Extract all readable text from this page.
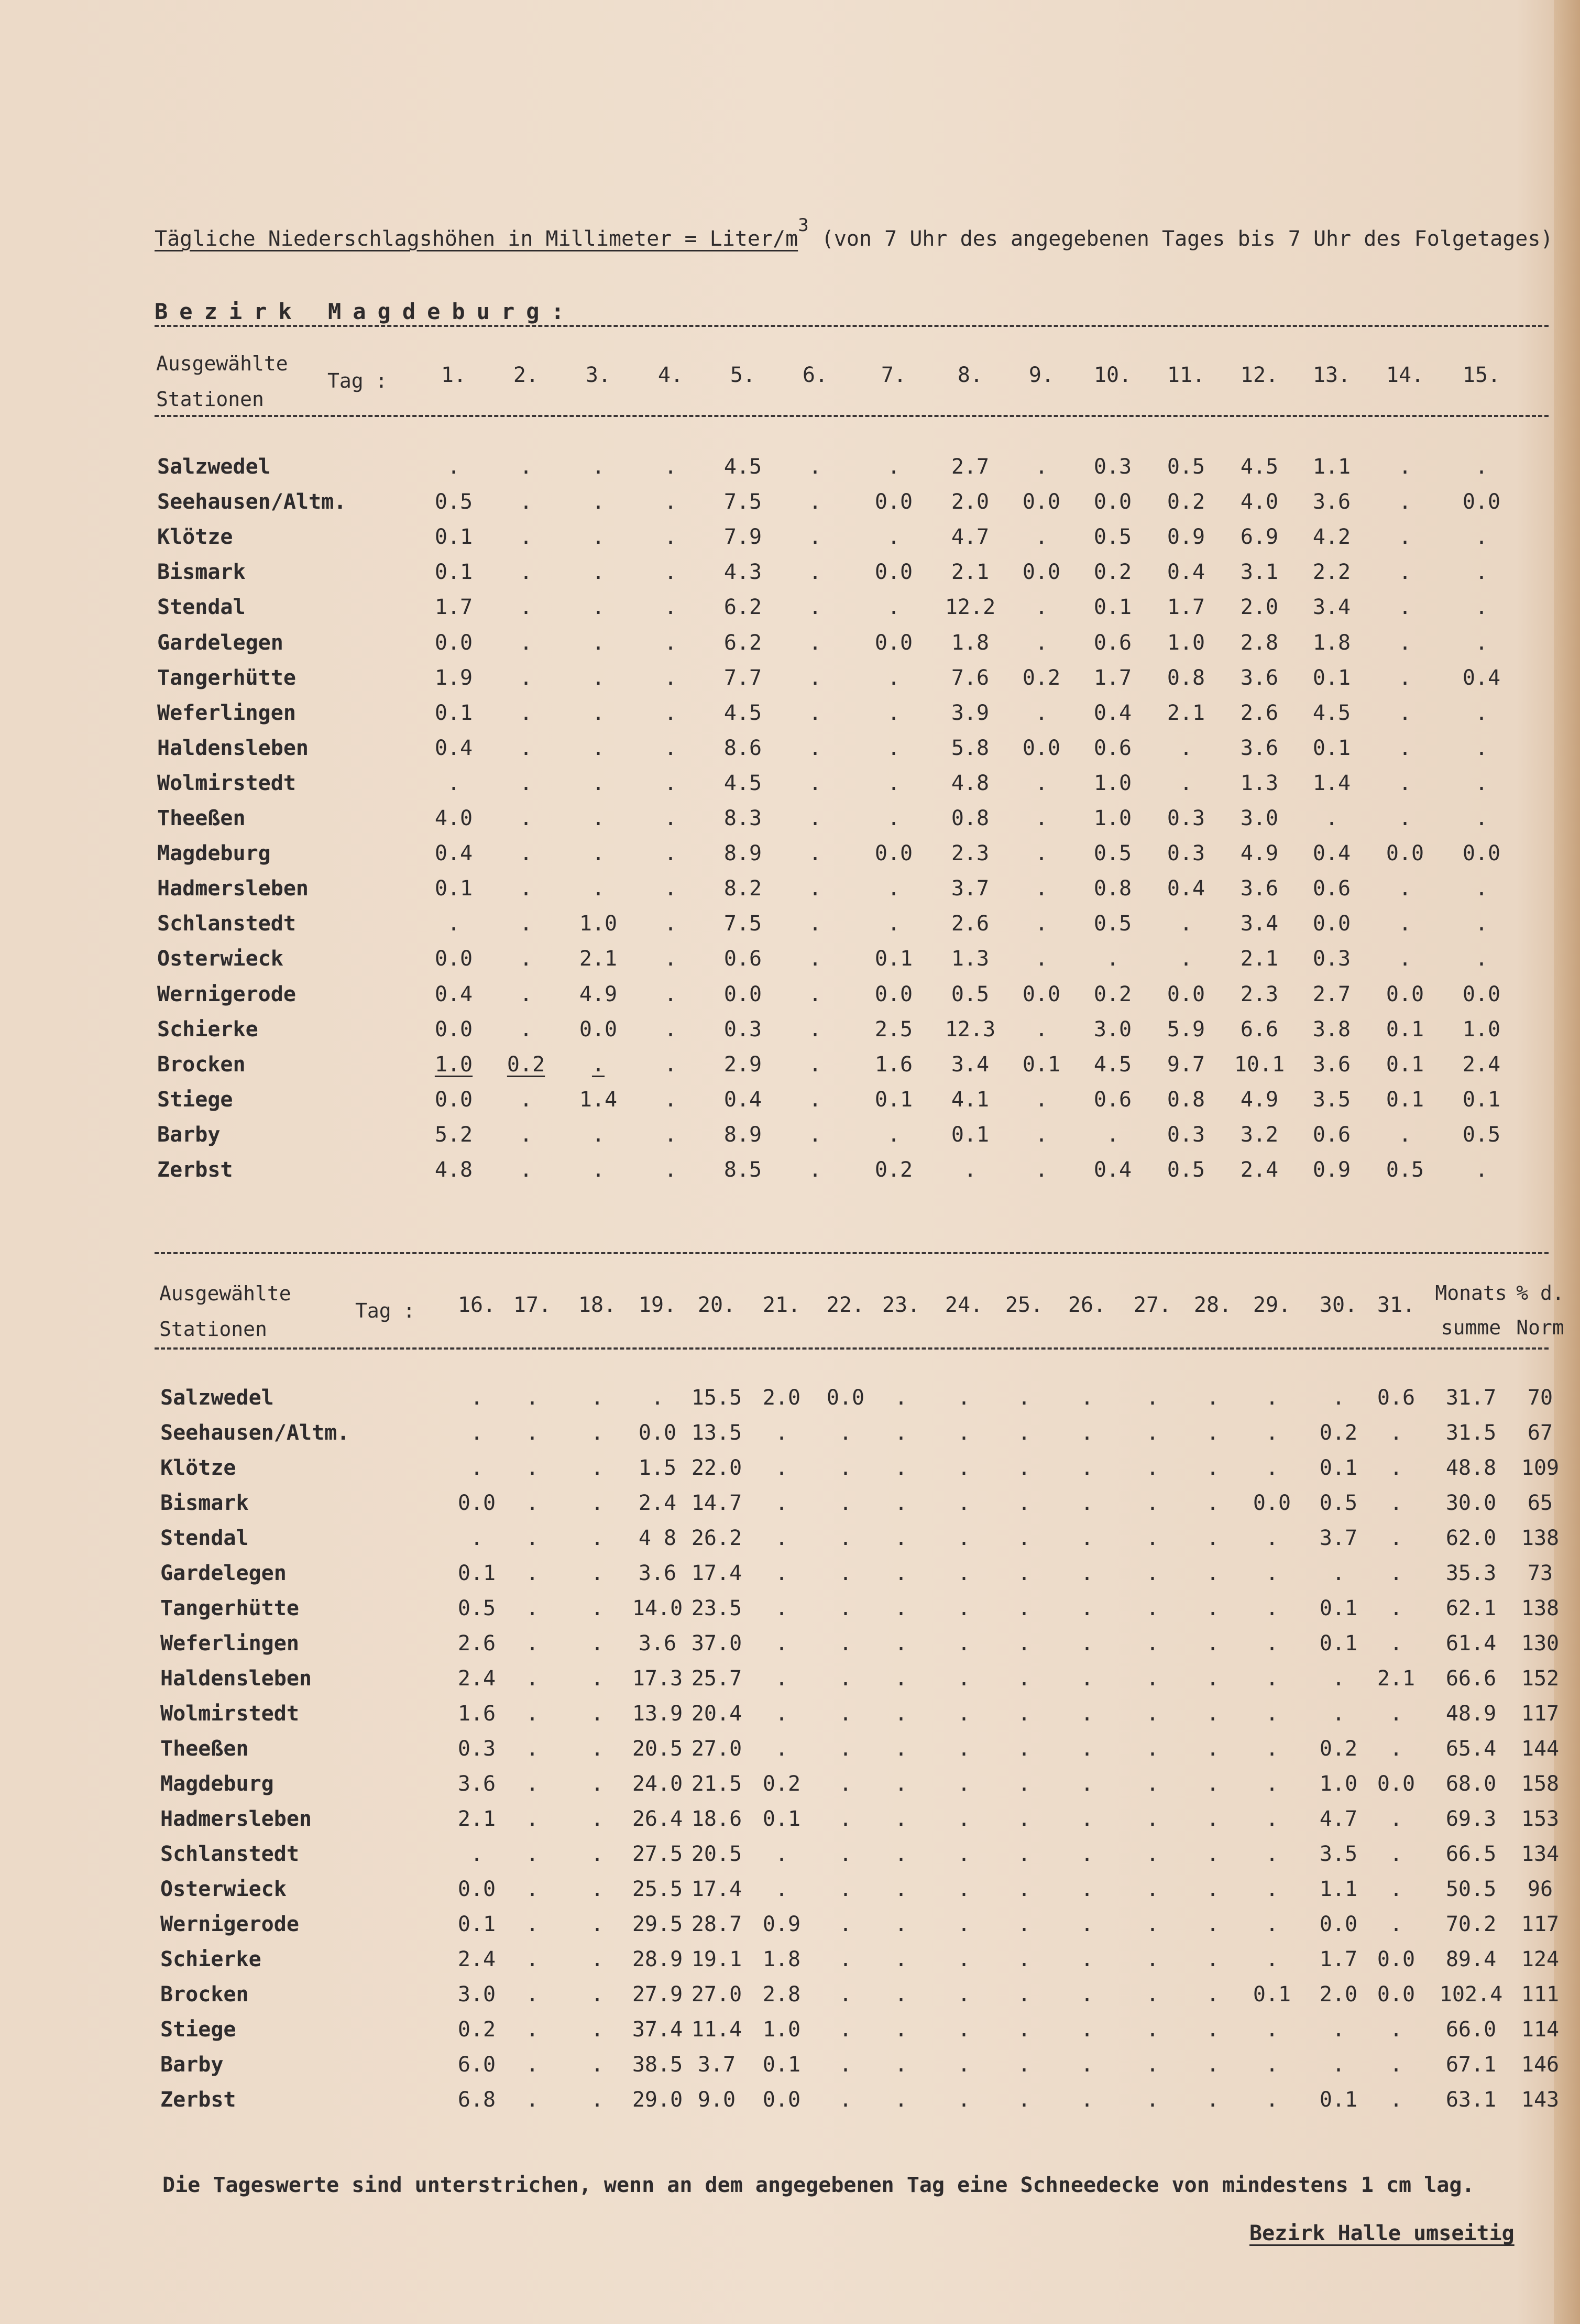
Tägliche Niederschlagshöhen in Millimeter = Liter/$m^3$ (von 7 Uhr des angegebenen Tages bis 7 Uhr des Folgetages)
Bezirk Magdeburg:
Ausgewählte
Stationen
Tag :	1. 2. 3. 4. 5. 6.	7. 8. 9. 10. 11. 12. 13. 14. 15.
Salzwedel	.	.	.	. 4.5 .	. 2.7 . 0.3 0.5 4.5 1.1 .	.
Seehausen/Altm.	0.5 .	.	. 7.5 .	0.0 2.0 0.0 0.0 0.2 4.0 3.6 . 0.0
Klötze	0.1 .	.	. 7.9 .	. 4.7 . 0.5 0.9 6.9 4.2 .	.
Bismark	0.1 .	.	. 4.3 .	0.0 2.1 0.0 0.2 0.4 3.1 2.2 .	.
Stendal	1.7 .	.	. 6.2 .	. 12.2 . 0.1 1.7 2.0 3.4 .	.
Gardelegen	0.0 .	.	. 6.2 .	0.0 1.8 . 0.6 1.0 2.8 1.8 .	.
Tangerhütte	1.9 .	.	. 7.7 .	. 7.6 0.2 1.7 0.8 3.6 0.1 . 0.4
Weferlingen	0.1 .	.	. 4.5 .	. 3.9 . 0.4 2.1 2.6 4.5 .	.
Haldensleben	0.4 .	.	. 8.6 .	. 5.8 0.0 0.6 . 3.6 0.1 .	.
Wolmirstedt	.	.	.	. 4.5 .	. 4.8 . 1.0 . 1.3 1.4 .	.
Theeßen	4.0 .	.	. 8.3 .	. 0.8 . 1.0 0.3 3.0 .	.	.
Magdeburg	0.4 .	.	. 8.9 .	0.0 2.3 . 0.5 0.3 4.9 0.4 0.0 0.0
Hadmersleben	0.1 .	.	. 8.2 .	. 3.7 . 0.8 0.4 3.6 0.6 .	.
Schlanstedt	.	. 1.0 . 7.5 .	. 2.6 . 0.5 . 3.4 0.0 .	.
Osterwieck	0.0 . 2.1 . 0.6 .	0.1 1.3 .	.	. 2.1 0.3 .	.
Wernigerode	0.4 . 4.9 . 0.0 .	0.0 0.5 0.0 0.2 0.0 2.3 2.7 0.0 0.0
Schierke	0.0 . 0.0 . 0.3 .	2.5 12.3 . 3.0 5.9 6.6 3.8 0.1 1.0
Brocken	1.0 0.2 .	. 2.9 .	1.6 3.4 0.1 4.5 9.7 10.1 3.6 0.1 2.4
Stiege	0.0 . 1.4 . 0.4 .	0.1 4.1 . 0.6 0.8 4.9 3.5 0.1 0.1
Barby	5.2 .	.	. 8.9 .	. 0.1 .	. 0.3 3.2 0.6 . 0.5
Zerbst	4.8 .	.	. 8.5 .	0.2 .	. 0.4 0.5 2.4 0.9 0.5 .
Ausgewählte
Stationen
Tag : 16. 17. 18. 19. 20. 21. 22. 23. 24. 25. 26. 27. 28. 29. 30. 31. Monats
summe
% d.
Norm
Salzwedel	. . . . 15.5 2.0 0.0 . . . .	. . .	. 0.6 31.7 70
Seehausen/Altm.	. . . 0.0 13.5 . . . . . .	. . . 0.2 . 31.5 67
Klötze	. . . 1.5 22.0 . . . . . .	. . . 0.1 . 48.8 109
Bismark	0.0 . . 2.4 14.7 . . . . . .	. . 0.0 0.5 . 30.0 65
Stendal	. . . 4 8 26.2 . . . . . .	. . . 3.7 . 62.0 138
Gardelegen	0.1 . . 3.6 17.4 . . . . . .	. . .	. . 35.3 73
Tangerhütte	0.5 . . 14.0 23.5 . . . . . .	. . . 0.1 . 62.1 138
Weferlingen	2.6 . . 3.6 37.0 . . . . . .	. . . 0.1 . 61.4 130
Haldensleben	2.4 . . 17.3 25.7 . . . . . .	. . .	. 2.1 66.6 152
Wolmirstedt	1.6 . . 13.9 20.4 . . . . . .	. . .	. . 48.9 117
Theeßen	0.3 . . 20.5 27.0 . . . . . .	. . . 0.2 . 65.4 144
Magdeburg	3.6 . . 24.0 21.5 0.2 . . . . .	. . . 1.0 0.0 68.0 158
Hadmersleben	2.1 . . 26.4 18.6 0.1 . . . . .	. . . 4.7 . 69.3 153
Schlanstedt	. . . 27.5 20.5 . . . . . .	. . . 3.5 . 66.5 134
Osterwieck	0.0 . . 25.5 17.4 . . . . . .	. . . 1.1 . 50.5 96
Wernigerode	0.1 . . 29.5 28.7 0.9 . . . . .	. . . 0.0 . 70.2 117
Schierke	2.4 . . 28.9 19.1 1.8 . . . . .	. . . 1.7 0.0 89.4 124
Brocken	3.0 . . 27.9 27.0 2.8 . . . . .	. . 0.1 2.0 0.0 102.4 111
Stiege	0.2 . . 37.4 11.4 1.0 . . . . .	. . .	. . 66.0 114
Barby	6.0 . . 38.5 3.7 0.1 . . . . .	. . .	. . 67.1 146
Zerbst	6.8 . . 29.0 9.0 0.0 . . . . .	. . . 0.1 . 63.1 143
Die Tageswerte sind unterstrichen, wenn an dem angegebenen Tag eine Schneedecke von mindestens 1 cm lag.
Bezirk Halle umseitig
